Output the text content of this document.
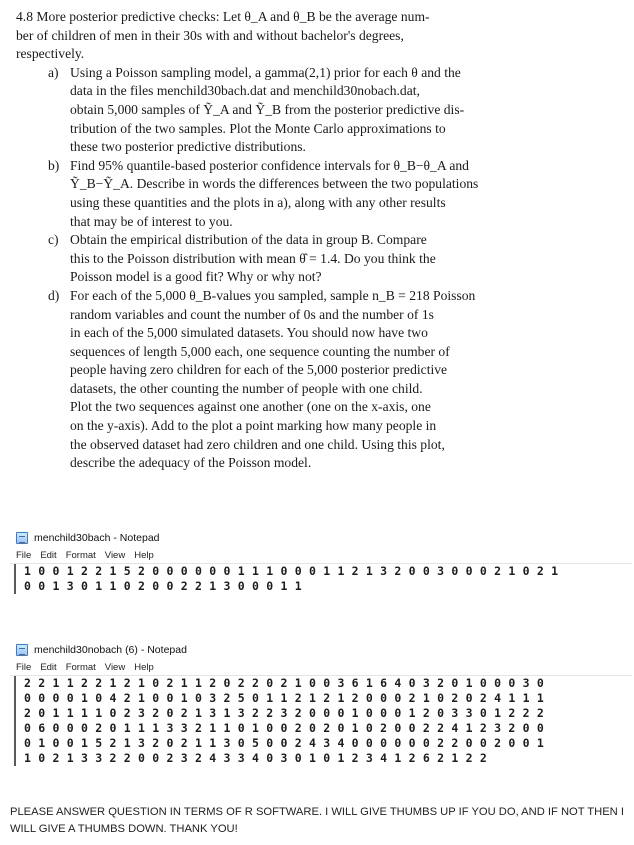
4.8 More posterior predictive checks: Let θ_A and θ_B be the average num-
ber of children of men in their 30s with and without bachelor's degrees,
respectively.

a) Using a Poisson sampling model, a gamma(2,1) prior for each θ and the
data in the files menchild30bach.dat and menchild30nobach.dat,
obtain 5,000 samples of Ỹ_A and Ỹ_B from the posterior predictive dis-
tribution of the two samples. Plot the Monte Carlo approximations to
these two posterior predictive distributions.
b) Find 95% quantile-based posterior confidence intervals for θ_B−θ_A and
Ỹ_B−Ỹ_A. Describe in words the differences between the two populations
using these quantities and the plots in a), along with any other results
that may be of interest to you.
c) Obtain the empirical distribution of the data in group B. Compare
this to the Poisson distribution with mean θ̂ = 1.4. Do you think the
Poisson model is a good fit? Why or why not?
d) For each of the 5,000 θ_B-values you sampled, sample n_B = 218 Poisson
random variables and count the number of 0s and the number of 1s
in each of the 5,000 simulated datasets. You should now have two
sequences of length 5,000 each, one sequence counting the number of
people having zero children for each of the 5,000 posterior predictive
datasets, the other counting the number of people with one child.
Plot the two sequences against one another (one on the x-axis, one
on the y-axis). Add to the plot a point marking how many people in
the observed dataset had zero children and one child. Using this plot,
describe the adequacy of the Poisson model.
menchild30bach - Notepad
File Edit Format View Help
1 0 0 1 2 2 1 5 2 0 0 0 0 0 0 1 1 1 0 0 0 1 1 2 1 3 2 0 0 3 0 0 0 2 1 0 2 1
0 0 1 3 0 1 1 0 2 0 0 2 2 1 3 0 0 0 1 1
menchild30nobach (6) - Notepad
File Edit Format View Help
2 2 1 1 2 2 1 2 1 0 2 1 1 2 0 2 2 0 2 1 0 0 3 6 1 6 4 0 3 2 0 1 0 0 0 3 0
0 0 0 0 1 0 4 2 1 0 0 1 0 3 2 5 0 1 1 2 1 2 1 2 0 0 0 2 1 0 2 0 2 4 1 1 1
2 0 1 1 1 1 0 2 3 2 0 2 1 3 1 3 2 2 3 2 0 0 0 1 0 0 0 1 2 0 3 3 0 1 2 2 2
0 6 0 0 0 2 0 1 1 1 3 3 2 1 1 0 1 0 0 2 0 2 0 1 0 2 0 0 2 2 4 1 2 3 2 0 0
0 1 0 0 1 5 2 1 3 2 0 2 1 1 3 0 5 0 0 2 4 3 4 0 0 0 0 0 0 2 2 0 0 2 0 0 1
1 0 2 1 3 3 2 2 0 0 2 3 2 4 3 3 4 0 3 0 1 0 1 2 3 4 1 2 6 2 1 2 2
PLEASE ANSWER QUESTION IN TERMS OF R SOFTWARE. I WILL GIVE THUMBS UP IF YOU DO, AND IF NOT THEN I WILL GIVE A THUMBS DOWN. THANK YOU!
